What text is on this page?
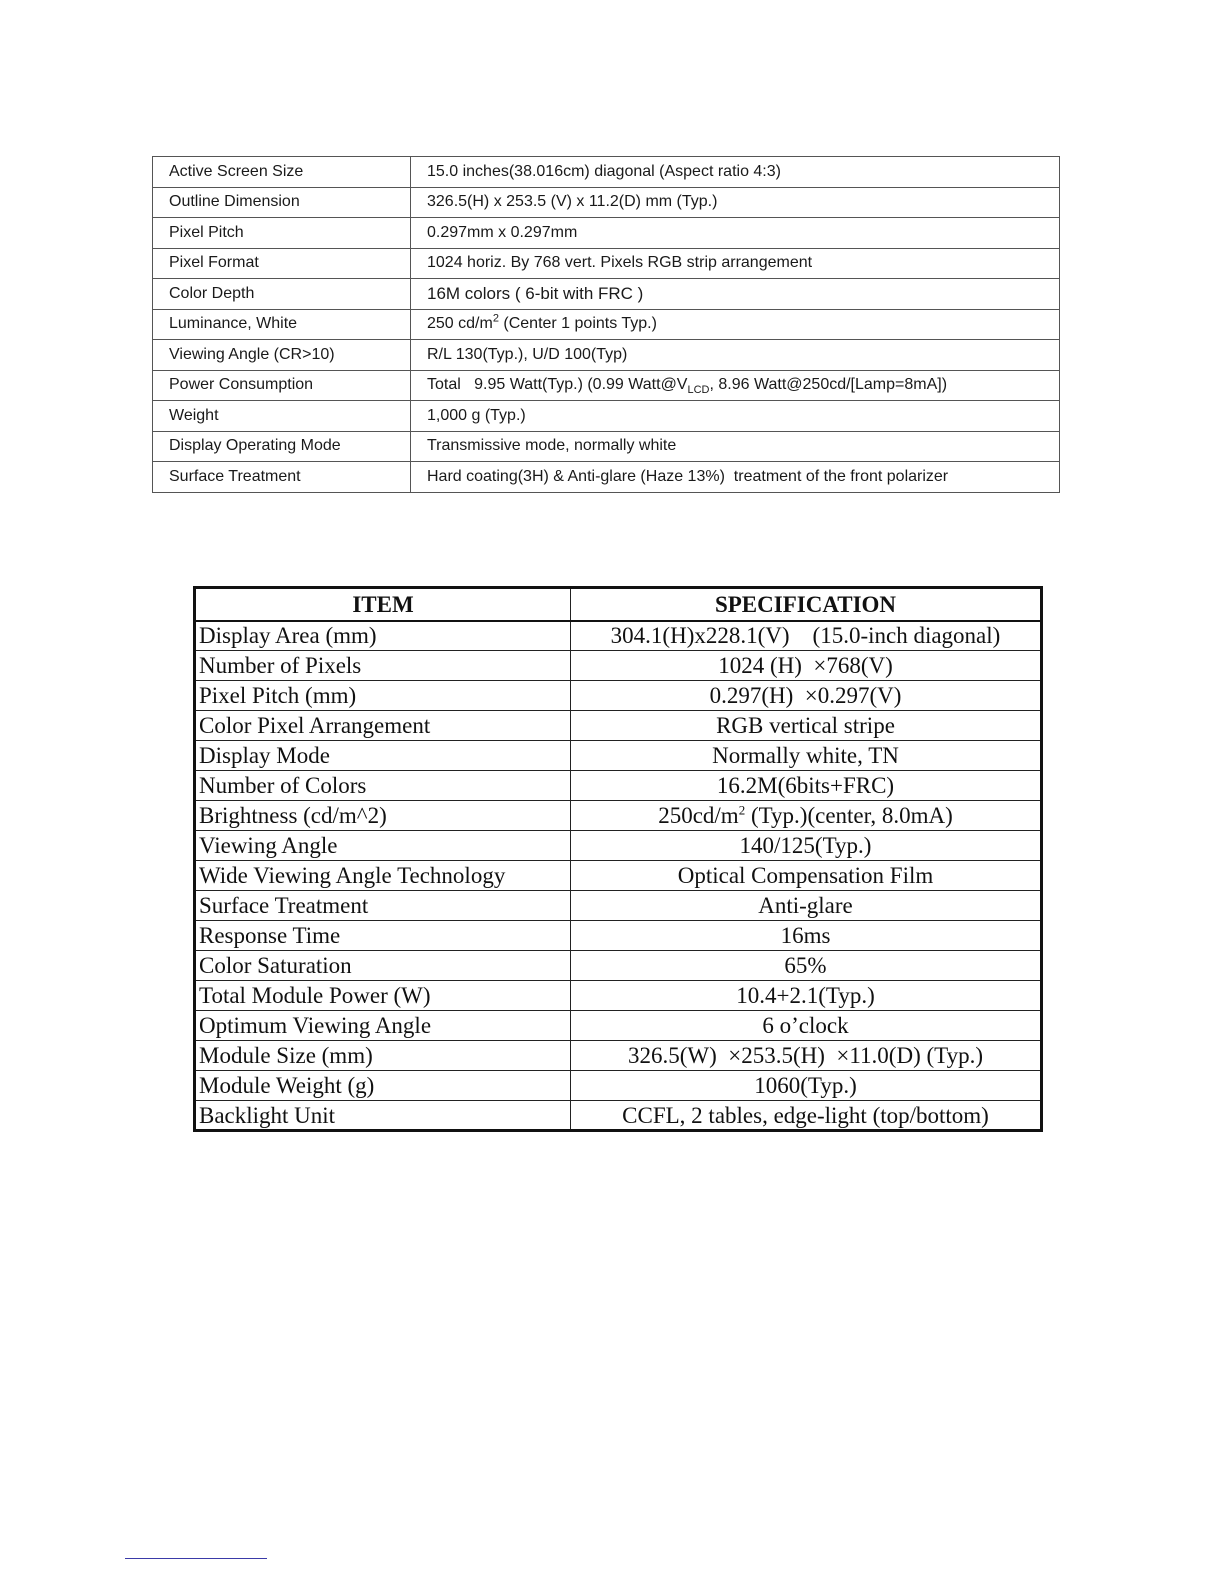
Active Screen Size	15.0 inches(38.016cm) diagonal (Aspect ratio 4:3)
Outline Dimension	326.5(H) x 253.5 (V) x 11.2(D) mm (Typ.)
Pixel Pitch	0.297mm x 0.297mm
Pixel Format	1024 horiz. By 768 vert. Pixels RGB strip arrangement
Color Depth	16M colors ( 6-bit with FRC )
Luminance, White	250 $cd/m^2$ (Center 1 points Typ.)
Viewing Angle (CR>10)	R/L 130(Typ.), U/D 100(Typ)
Power Consumption	Total   9.95 Watt(Typ.) (0.99 $Watt@V_{LCD}$, 8.96 Watt@250cd/[Lamp=8mA])
Weight	1,000 g (Typ.)
Display Operating Mode	Transmissive mode, normally white
Surface Treatment	Hard coating(3H) & Anti-glare (Haze 13%)  treatment of the front polarizer
ITEM	SPECIFICATION
Display Area (mm)	304.1(H)x228.1(V)    (15.0-inch diagonal)
Number of Pixels	1024 (H)  ×768(V)
Pixel Pitch (mm)	0.297(H)  ×0.297(V)
Color Pixel Arrangement	RGB vertical stripe
Display Mode	Normally white, TN
Number of Colors	16.2M(6bits+FRC)
Brightness (cd/m^2)	$250cd/m^2$ (Typ.)(center, 8.0mA)
Viewing Angle	140/125(Typ.)
Wide Viewing Angle Technology	Optical Compensation Film
Surface Treatment	Anti-glare
Response Time	16ms
Color Saturation	65%
Total Module Power (W)	10.4+2.1(Typ.)
Optimum Viewing Angle	6 o’clock
Module Size (mm)	326.5(W)  ×253.5(H)  ×11.0(D) (Typ.)
Module Weight (g)	1060(Typ.)
Backlight Unit	CCFL, 2 tables, edge-light (top/bottom)
